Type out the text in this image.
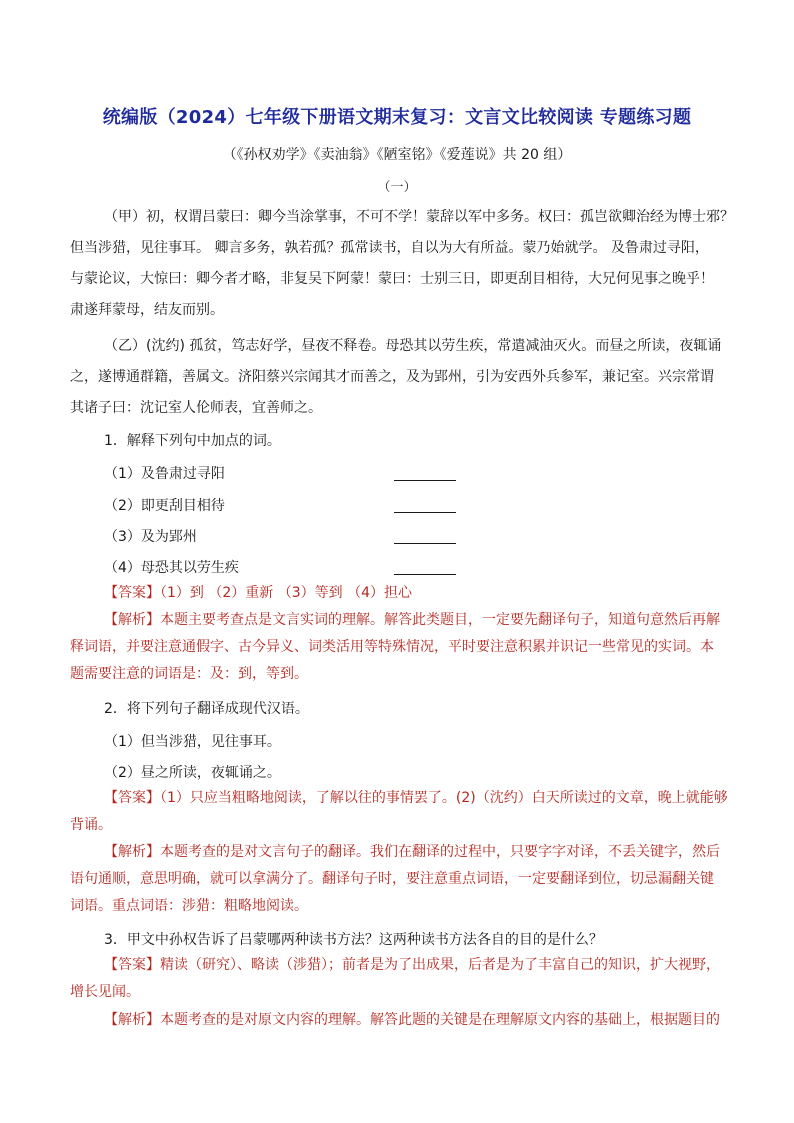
统编版（2024）七年级下册语文期末复习：文言文比较阅读 专题练习题
（《孙权劝学》《卖油翁》《陋室铭》《爱莲说》共 20 组）
（一）
（甲）初，权谓吕蒙曰：卿今当涂掌事，不可不学！蒙辞以军中多务。权曰：孤岂欲卿治经为博士邪？
但当涉猎，见往事耳。 卿言多务，孰若孤？孤常读书，自以为大有所益。蒙乃始就学。 及鲁肃过寻阳，
与蒙论议，大惊曰：卿今者才略，非复吴下阿蒙！蒙曰：士别三日，即更刮目相待，大兄何见事之晚乎！
肃遂拜蒙母，结友而别。
（乙）(沈约) 孤贫，笃志好学，昼夜不释卷。母恐其以劳生疾，常遣减油灭火。而昼之所读，夜辄诵
之，遂博通群籍，善属文。济阳蔡兴宗闻其才而善之，及为郢州，引为安西外兵参军，兼记室。兴宗常谓
其诸子曰：沈记室人伦师表，宜善师之。
1．解释下列句中加点的词。
（1）及鲁肃过寻阳
（2）即更刮目相待
（3）及为郢州
（4）母恐其以劳生疾
【答案】（1）到 （2）重新 （3）等到 （4）担心
【解析】本题主要考查点是文言实词的理解。解答此类题目，一定要先翻译句子，知道句意然后再解
释词语，并要注意通假字、古今异义、词类活用等特殊情况，平时要注意积累并识记一些常见的实词。本
题需要注意的词语是：及：到，等到。
2．将下列句子翻译成现代汉语。
（1）但当涉猎，见往事耳。
（2）昼之所读，夜辄诵之。
【答案】（1）只应当粗略地阅读，了解以往的事情罢了。(2)（沈约）白天所读过的文章，晚上就能够
背诵。
【解析】本题考查的是对文言句子的翻译。我们在翻译的过程中，只要字字对译，不丢关键字，然后
语句通顺，意思明确，就可以拿满分了。翻译句子时，要注意重点词语，一定要翻译到位，切忌漏翻关键
词语。重点词语：涉猎：粗略地阅读。
3．甲文中孙权告诉了吕蒙哪两种读书方法？这两种读书方法各自的目的是什么？
【答案】精读（研究）、略读（涉猎）；前者是为了出成果，后者是为了丰富自己的知识，扩大视野，
增长见闻。
【解析】本题考查的是对原文内容的理解。解答此题的关键是在理解原文内容的基础上，根据题目的
